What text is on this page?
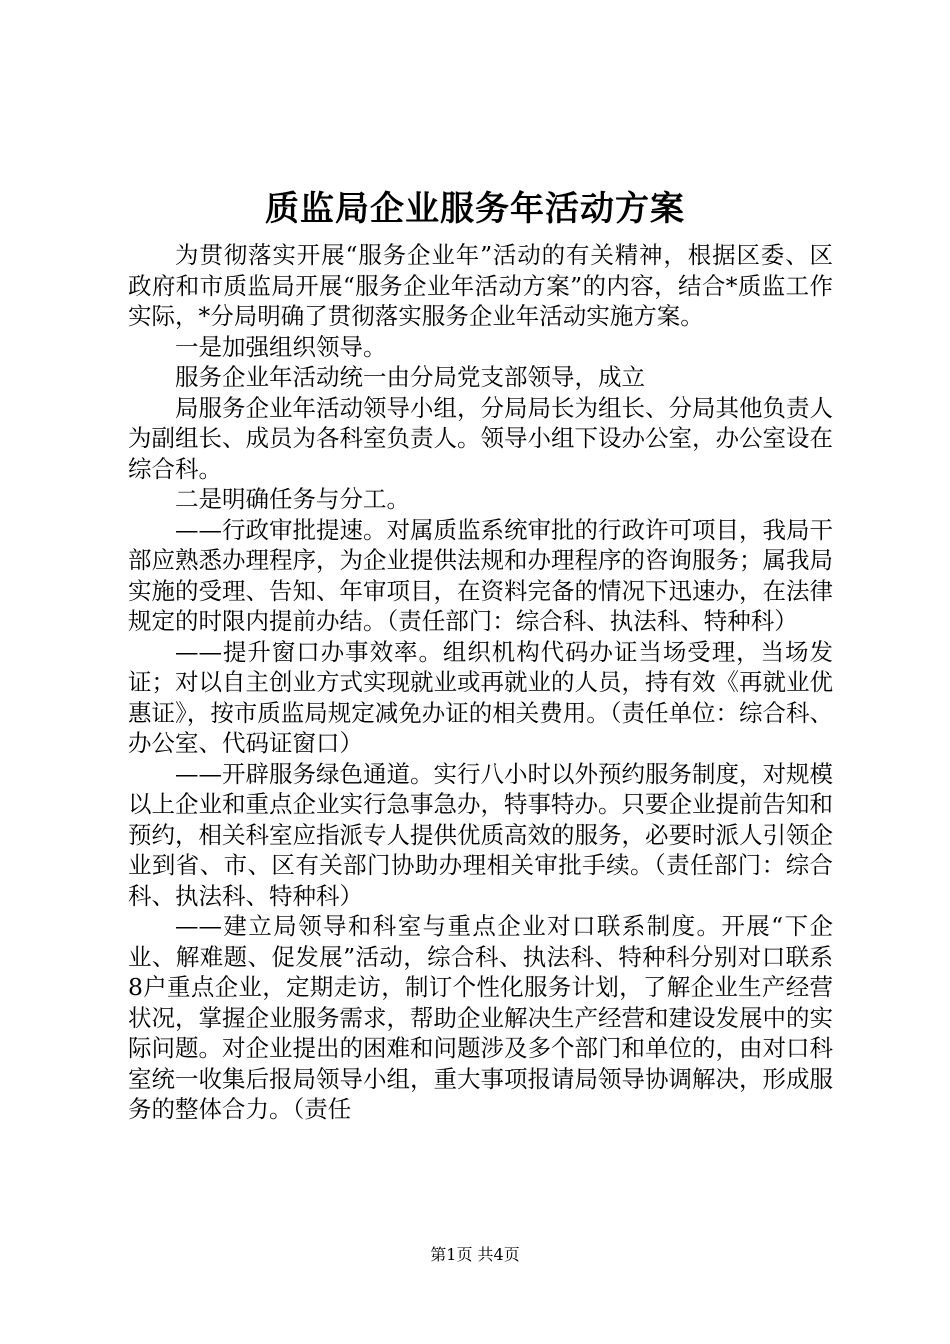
质监局企业服务年活动方案

为贯彻落实开展“服务企业年”活动的有关精神，根据区委、区政府和市质监局开展“服务企业年活动方案”的内容，结合*质监工作实际，*分局明确了贯彻落实服务企业年活动实施方案。

一是加强组织领导。

服务企业年活动统一由分局党支部领导，成立

局服务企业年活动领导小组，分局局长为组长、分局其他负责人为副组长、成员为各科室负责人。领导小组下设办公室，办公室设在综合科。

二是明确任务与分工。

——行政审批提速。对属质监系统审批的行政许可项目，我局干部应熟悉办理程序，为企业提供法规和办理程序的咨询服务；属我局实施的受理、告知、年审项目，在资料完备的情况下迅速办，在法律规定的时限内提前办结。（责任部门：综合科、执法科、特种科）

——提升窗口办事效率。组织机构代码办证当场受理，当场发证；对以自主创业方式实现就业或再就业的人员，持有效《再就业优惠证》，按市质监局规定减免办证的相关费用。（责任单位：综合科、办公室、代码证窗口）

——开辟服务绿色通道。实行八小时以外预约服务制度，对规模以上企业和重点企业实行急事急办，特事特办。只要企业提前告知和预约，相关科室应指派专人提供优质高效的服务，必要时派人引领企业到省、市、区有关部门协助办理相关审批手续。（责任部门：综合科、执法科、特种科）

——建立局领导和科室与重点企业对口联系制度。开展“下企业、解难题、促发展”活动，综合科、执法科、特种科分别对口联系8户重点企业，定期走访，制订个性化服务计划，了解企业生产经营状况，掌握企业服务需求，帮助企业解决生产经营和建设发展中的实际问题。对企业提出的困难和问题涉及多个部门和单位的，由对口科室统一收集后报局领导小组，重大事项报请局领导协调解决，形成服务的整体合力。（责任

第1页 共4页
